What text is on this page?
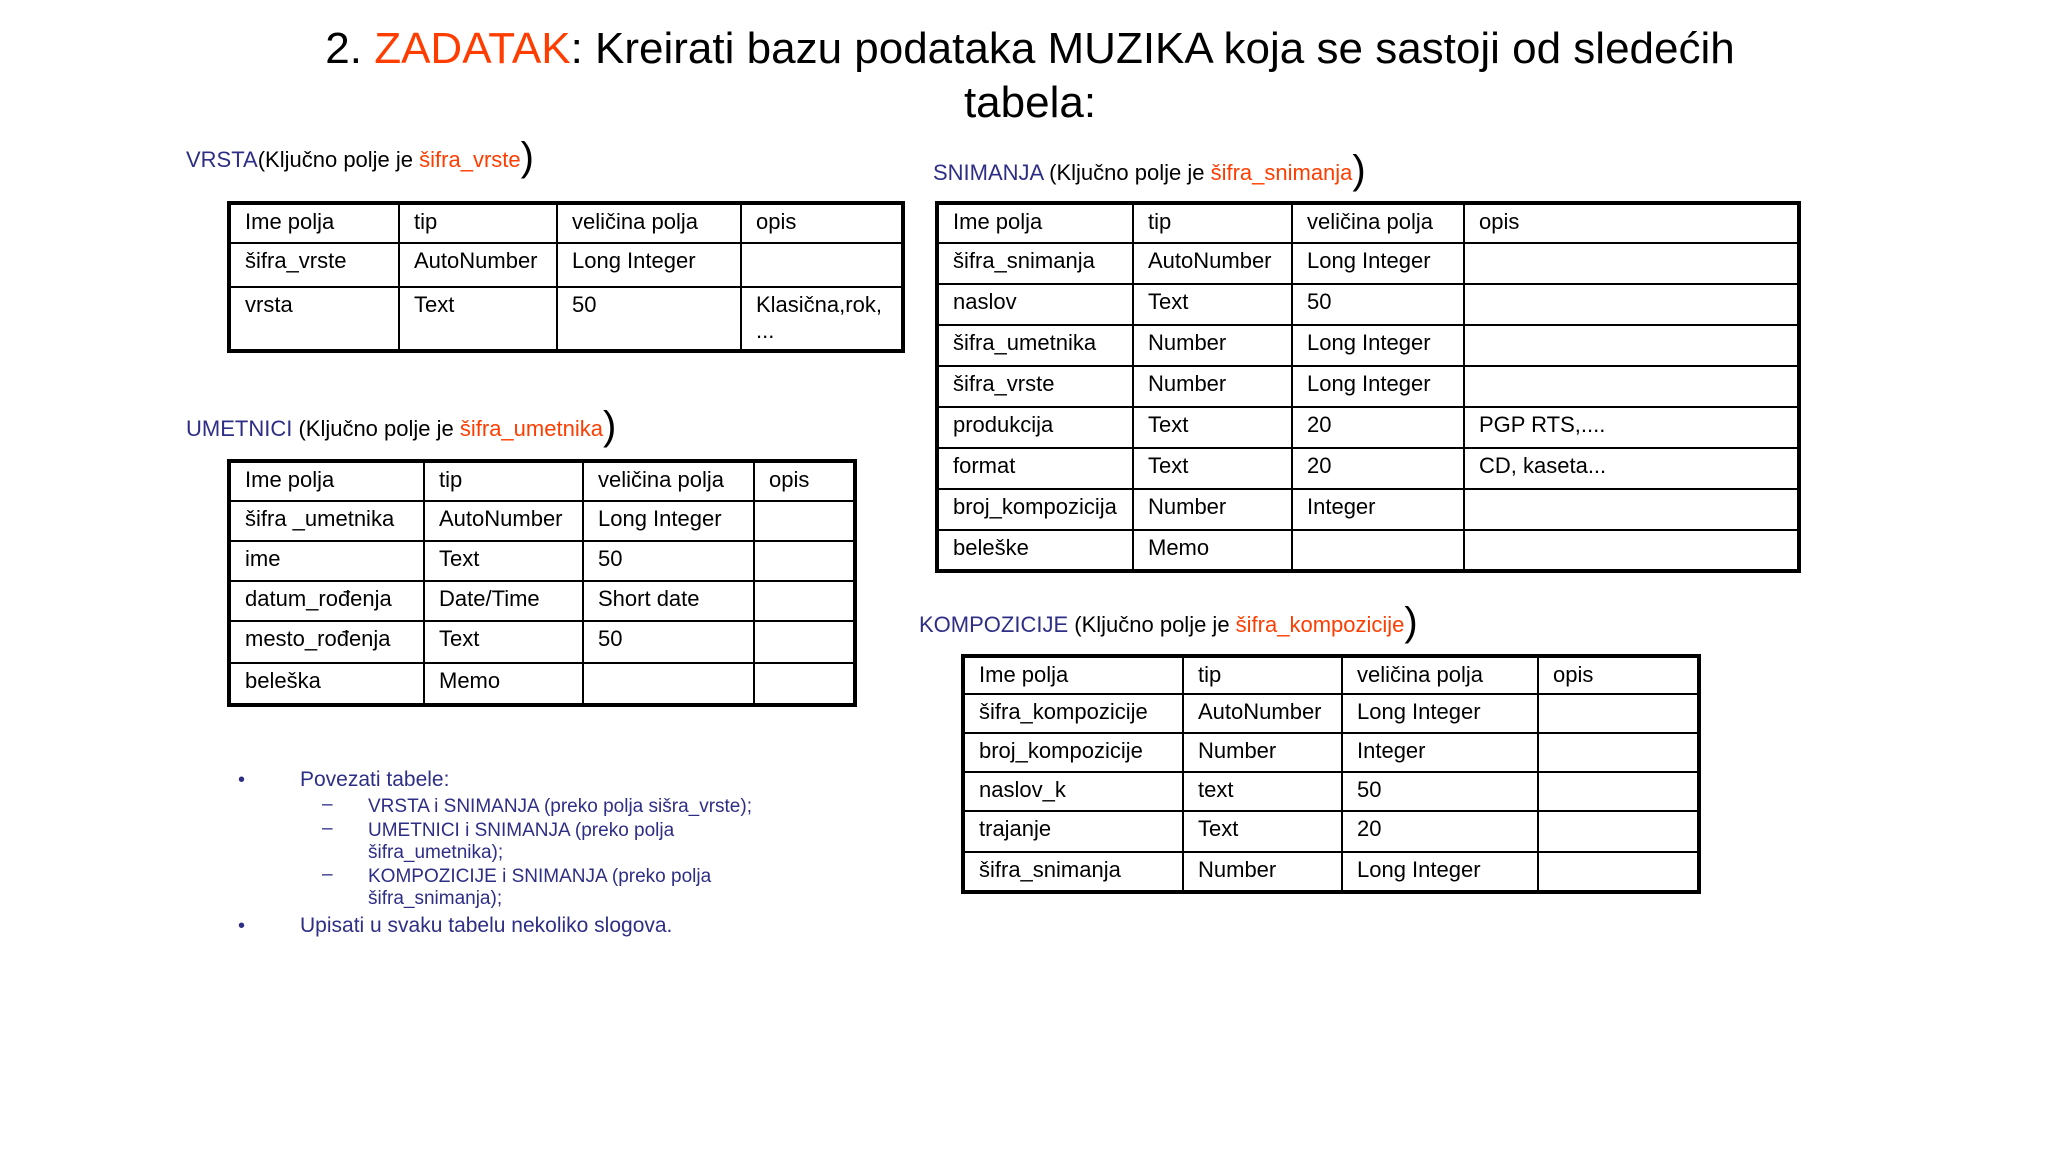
2. ZADATAK: Kreirati bazu podataka MUZIKA koja se sastoji od sledećih
tabela:
VRSTA(Ključno polje je šifra_vrste)
Ime polja	tip	veličina polja	opis
šifra_vrste	AutoNumber	Long Integer	
vrsta	Text	50	Klasična,rok, ...
UMETNICI (Ključno polje je šifra_umetnika)
Ime polja	tip	veličina polja	opis
šifra _umetnika	AutoNumber	Long Integer	
ime	Text	50	
datum_rođenja	Date/Time	Short date	
mesto_rođenja	Text	50	
beleška	Memo		
SNIMANJA (Ključno polje je šifra_snimanja)
Ime polja	tip	veličina polja	opis
šifra_snimanja	AutoNumber	Long Integer	
naslov	Text	50	
šifra_umetnika	Number	Long Integer	
šifra_vrste	Number	Long Integer	
produkcija	Text	20	PGP RTS,....
format	Text	20	CD, kaseta...
broj_kompozicija	Number	Integer	
beleške	Memo		
KOMPOZICIJE (Ključno polje je šifra_kompozicije)
Ime polja	tip	veličina polja	opis
šifra_kompozicije	AutoNumber	Long Integer	
broj_kompozicije	Number	Integer	
naslov_k	text	50	
trajanje	Text	20	
šifra_snimanja	Number	Long Integer	
•	Povezati tabele:
– VRSTA i SNIMANJA (preko polja sišra_vrste);
– UMETNICI i SNIMANJA (preko polja šifra_umetnika);
– KOMPOZICIJE i SNIMANJA (preko polja šifra_snimanja);
•	Upisati u svaku tabelu nekoliko slogova.
